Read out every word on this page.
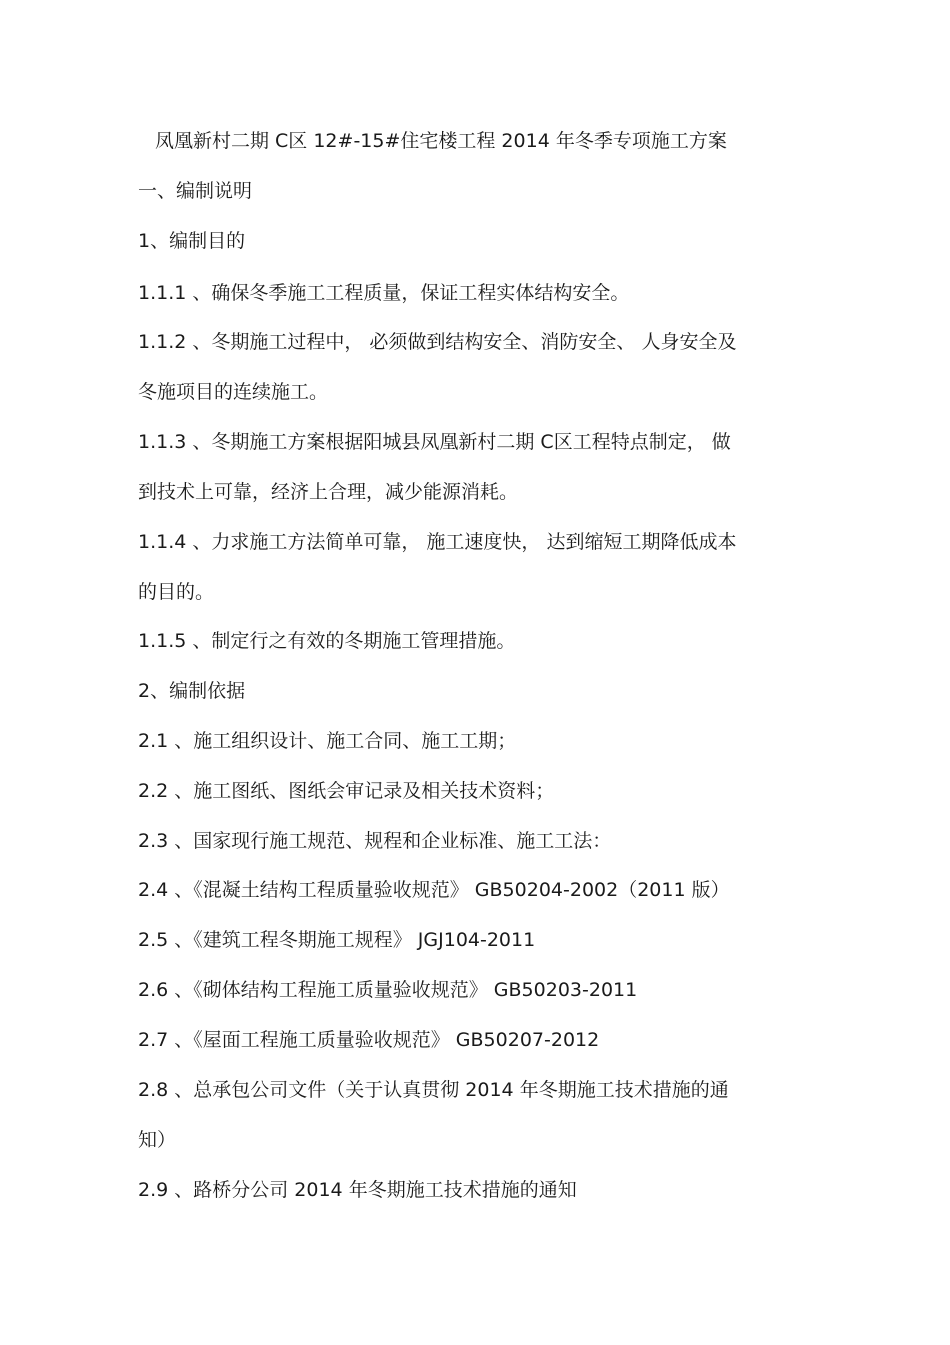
凤凰新村二期 C区 12#-15#住宅楼工程 2014 年冬季专项施工方案
一、编制说明
1、编制目的
1.1.1 、确保冬季施工工程质量，保证工程实体结构安全。
1.1.2 、冬期施工过程中， 必须做到结构安全、消防安全、 人身安全及
冬施项目的连续施工。
1.1.3 、冬期施工方案根据阳城县凤凰新村二期 C区工程特点制定， 做
到技术上可靠，经济上合理，减少能源消耗。
1.1.4 、力求施工方法简单可靠， 施工速度快， 达到缩短工期降低成本
的目的。
1.1.5 、制定行之有效的冬期施工管理措施。
2、编制依据
2.1 、施工组织设计、施工合同、施工工期；
2.2 、施工图纸、图纸会审记录及相关技术资料；
2.3 、国家现行施工规范、规程和企业标准、施工工法：
2.4 、《混凝土结构工程质量验收规范》 GB50204-2002（2011 版）
2.5 、《建筑工程冬期施工规程》 JGJ104-2011
2.6 、《砌体结构工程施工质量验收规范》 GB50203-2011
2.7 、《屋面工程施工质量验收规范》 GB50207-2012
2.8 、总承包公司文件（关于认真贯彻 2014 年冬期施工技术措施的通
知）
2.9 、路桥分公司 2014 年冬期施工技术措施的通知
